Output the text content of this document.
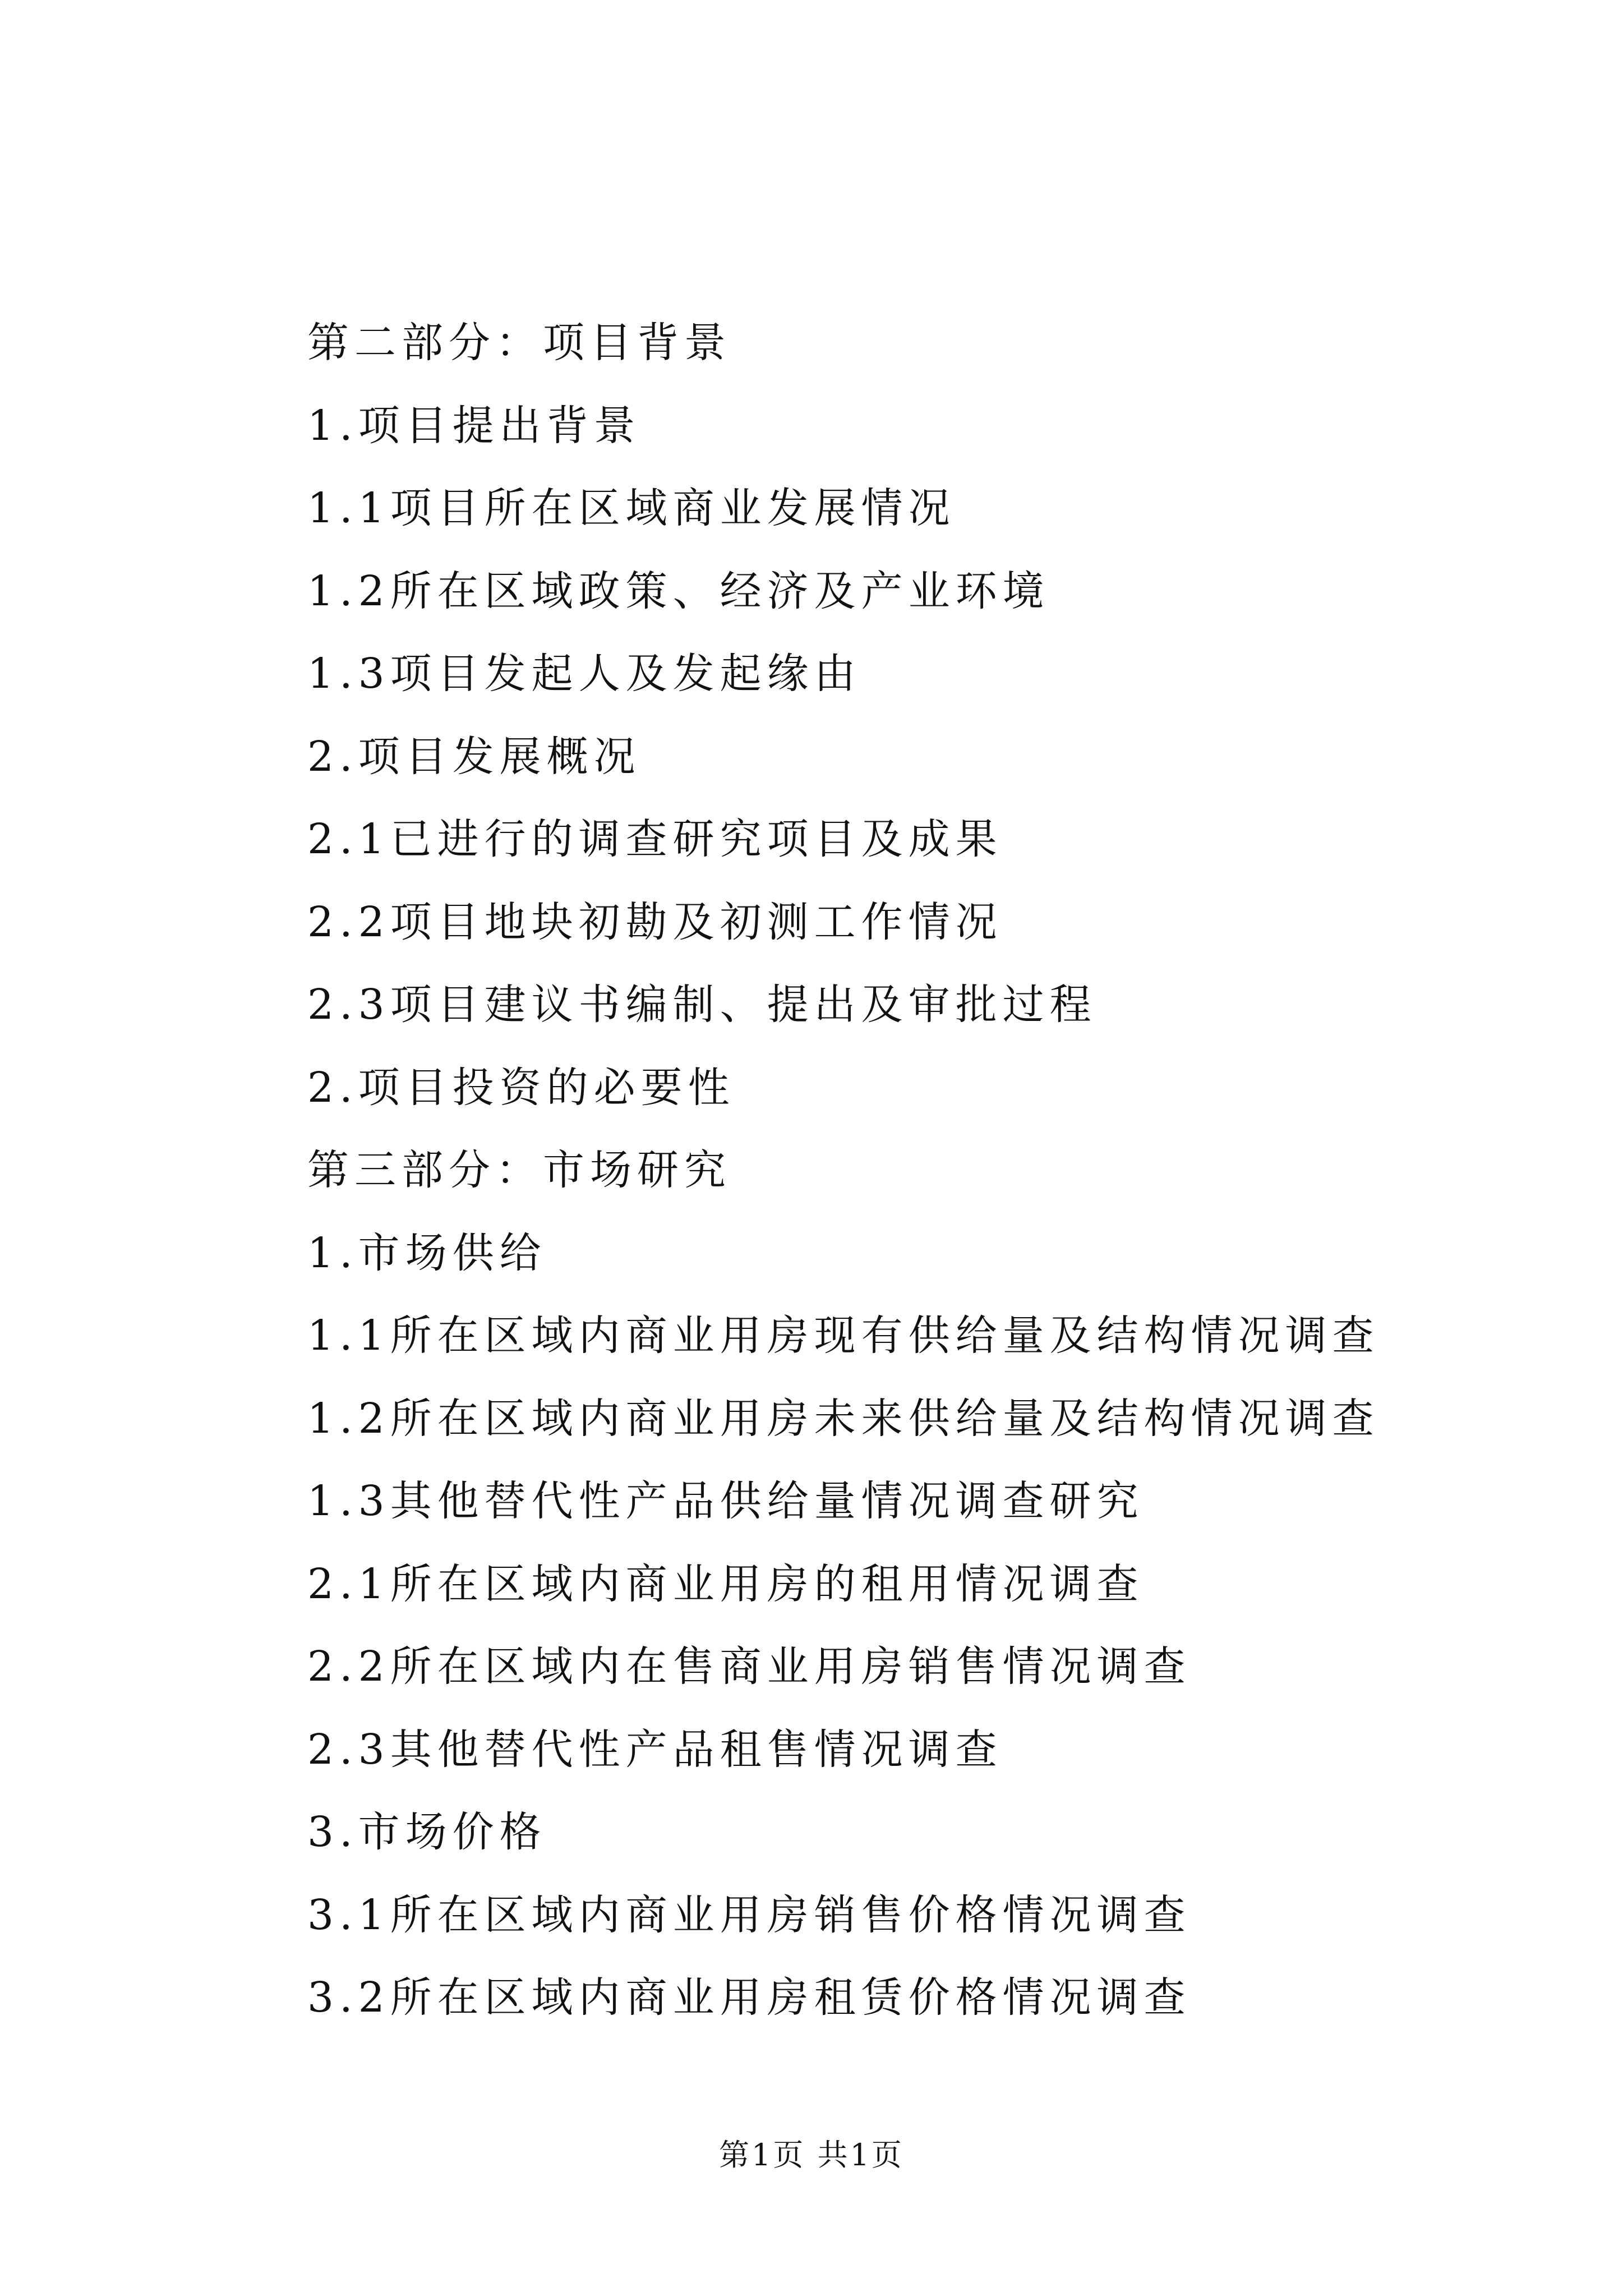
第二部分：项目背景
1.项目提出背景
1.1项目所在区域商业发展情况
1.2所在区域政策、经济及产业环境
1.3项目发起人及发起缘由
2.项目发展概况
2.1已进行的调查研究项目及成果
2.2项目地块初勘及初测工作情况
2.3项目建议书编制、提出及审批过程
2.项目投资的必要性
第三部分：市场研究
1.市场供给
1.1所在区域内商业用房现有供给量及结构情况调查
1.2所在区域内商业用房未来供给量及结构情况调查
1.3其他替代性产品供给量情况调查研究
2.1所在区域内商业用房的租用情况调查
2.2所在区域内在售商业用房销售情况调查
2.3其他替代性产品租售情况调查
3.市场价格
3.1所在区域内商业用房销售价格情况调查
3.2所在区域内商业用房租赁价格情况调查
第1页 共1页
